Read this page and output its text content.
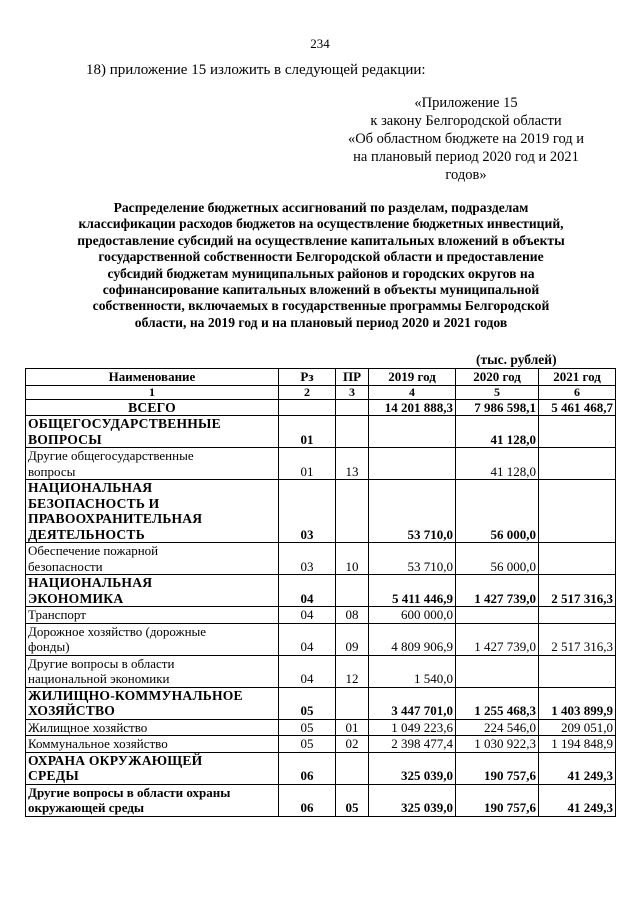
234
18) приложение 15 изложить в следующей редакции:
«Приложение 15
к закону Белгородской области
«Об областном бюджете на 2019 год и
на плановый период 2020 год и 2021
годов»
Распределение бюджетных ассигнований по разделам, подразделам
классификации расходов бюджетов на осуществление бюджетных инвестиций,
предоставление субсидий на осуществление капитальных вложений в объекты
государственной собственности Белгородской области и предоставление
субсидий бюджетам муниципальных районов и городских округов на
софинансирование капитальных вложений в объекты муниципальной
собственности, включаемых в государственные программы Белгородской
области, на 2019 год и на плановый период 2020 и 2021 годов
(тыс. рублей)
Наименование	Рз	ПР	2019 год	2020 год	2021 год
1	2	3	4	5	6

ВСЕГО			14 201 888,3	7 986 598,1	5 461 468,7

ОБЩЕГОСУДАРСТВЕННЫЕ
ВОПРОСЫ	01			41 128,0	

Другие общегосударственные
вопросы	01	13		41 128,0	

НАЦИОНАЛЬНАЯ
БЕЗОПАСНОСТЬ И
ПРАВООХРАНИТЕЛЬНАЯ
ДЕЯТЕЛЬНОСТЬ	03		53 710,0	56 000,0	

Обеспечение пожарной
безопасности	03	10	53 710,0	56 000,0	

НАЦИОНАЛЬНАЯ
ЭКОНОМИКА	04		5 411 446,9	1 427 739,0	2 517 316,3

Транспорт	04	08	600 000,0		

Дорожное хозяйство (дорожные
фонды)	04	09	4 809 906,9	1 427 739,0	2 517 316,3

Другие вопросы в области
национальной экономики	04	12	1 540,0		

ЖИЛИЩНО-КОММУНАЛЬНОЕ
ХОЗЯЙСТВО	05		3 447 701,0	1 255 468,3	1 403 899,9

Жилищное хозяйство	05	01	1 049 223,6	224 546,0	209 051,0

Коммунальное хозяйство	05	02	2 398 477,4	1 030 922,3	1 194 848,9

ОХРАНА ОКРУЖАЮЩЕЙ
СРЕДЫ	06		325 039,0	190 757,6	41 249,3

Другие вопросы в области охраны
окружающей среды	06	05	325 039,0	190 757,6	41 249,3
